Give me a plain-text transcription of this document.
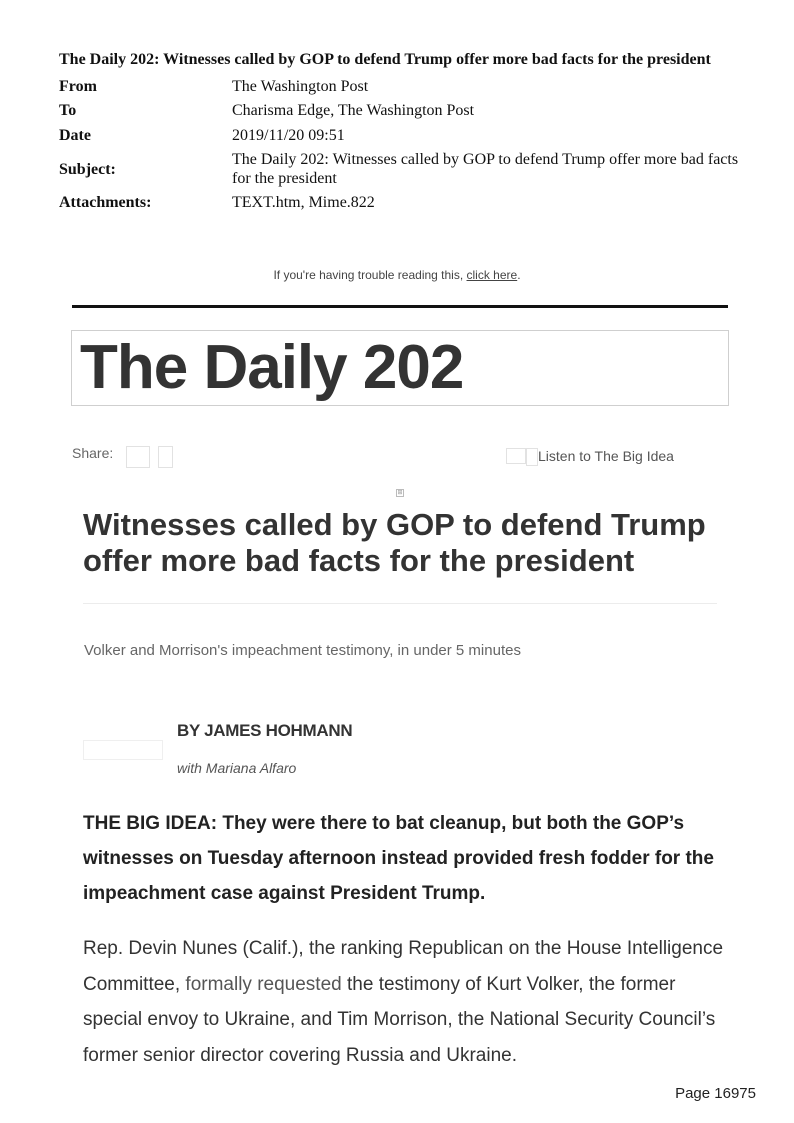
The Daily 202: Witnesses called by GOP to defend Trump offer more bad facts for the president
From	The Washington Post
To	Charisma Edge, The Washington Post
Date	2019/11/20 09:51
Subject:	The Daily 202: Witnesses called by GOP to defend Trump offer more bad facts for the president
Attachments:	TEXT.htm, Mime.822
If you're having trouble reading this, click here.
The Daily 202
Share:	Listen to The Big Idea
⊞
Witnesses called by GOP to defend Trump offer more bad facts for the president
Volker and Morrison's impeachment testimony, in under 5 minutes
BY JAMES HOHMANN
with Mariana Alfaro

THE BIG IDEA: They were there to bat cleanup, but both the GOP’s witnesses on Tuesday afternoon instead provided fresh fodder for the impeachment case against President Trump.

Rep. Devin Nunes (Calif.), the ranking Republican on the House Intelligence Committee, formally requested the testimony of Kurt Volker, the former special envoy to Ukraine, and Tim Morrison, the National Security Council’s former senior director covering Russia and Ukraine.

Page 16975
